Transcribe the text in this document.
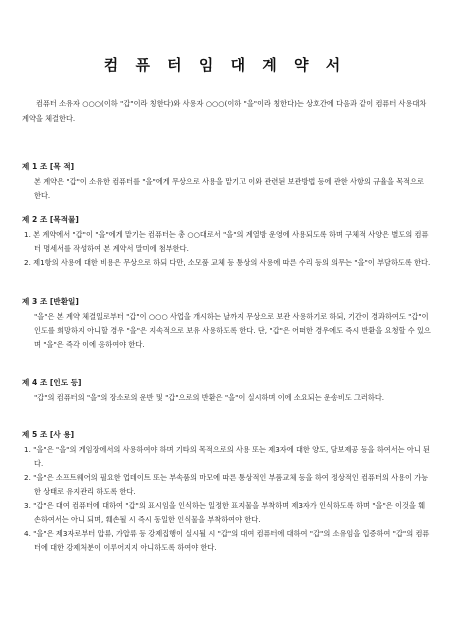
컴 퓨 터 임 대 계 약 서

컴퓨터 소유자 ○○○(이하 "갑"이라 칭한다)와 사용자 ○○○(이하 "을"이라 칭한다)는 상호간에 다음과 같이 컴퓨터 사용대차 계약을 체결한다.

제 1 조 [목 적]
본 계약은 "갑"이 소유한 컴퓨터를 "을"에게 무상으로 사용을 맡기고 이와 관련된 보관방법 등에 관한 사항의 규율을 목적으로 한다.
제 2 조 [목적물]
1. 본 계약에서 "갑"이 "을"에게 맡기는 컴퓨터는 총 ○○대로서 "을"의 계열방 운영에 사용되도록 하며 구체적 사양은 별도의 컴퓨터 명세서를 작성하여 본 계약서 말미에 첨부한다.
2. 제1항의 사용에 대한 비용은 무상으로 하되 다만, 소모품 교체 등 통상의 사용에 따른 수리 등의 의무는 "을"이 부담하도록 한다.
제 3 조 [반환일]
"을"은 본 계약 체결일로부터 "갑"이 ○○○ 사업을 개시하는 날까지 무상으로 보관 사용하기로 하되, 기간이 경과하여도 "갑"이 인도를 희망하지 아니할 경우 "을"은 지속적으로 보유 사용하도록 한다. 단, "갑"은 어떠한 경우에도 즉시 반환을 요청할 수 있으며 "을"은 즉각 이에 응하여야 한다.
제 4 조 [인도 등]
"갑"의 컴퓨터의 "을"의 장소로의 운반 및 "갑"으로의 반환은 "을"이 실시하며 이에 소요되는 운송비도 그러하다.
제 5 조 [사 용]
1. "을"은 "을"의 게임장에서의 사용하여야 하며 기타의 목적으로의 사용 또는 제3자에 대한 양도, 담보제공 등을 하여서는 아니 된다.
2. "을"은 소프트웨어의 필요한 업데이트 또는 부속품의 마모에 따른 통상적인 부품교체 등을 하여 정상적인 컴퓨터의 사용이 가능한 상태로 유지관리 하도록 한다.
3. "갑"은 대여 컴퓨터에 대하여 "갑"의 표시임을 인식하는 일정한 표지물을 부착하며 제3자가 인식하도록 하며 "을"은 이것을 훼손하여서는 아니 되며, 훼손될 시 즉시 동일한 인식물을 부착하여야 한다.
4. "을"은 제3자로부터 압류, 가압류 등 강제집행이 실시될 시 "갑"의 대여 컴퓨터에 대하여 "갑"의 소유임을 입증하여 "갑"의 컴퓨터에 대한 강제처분이 이루어지지 아니하도록 하여야 한다.
